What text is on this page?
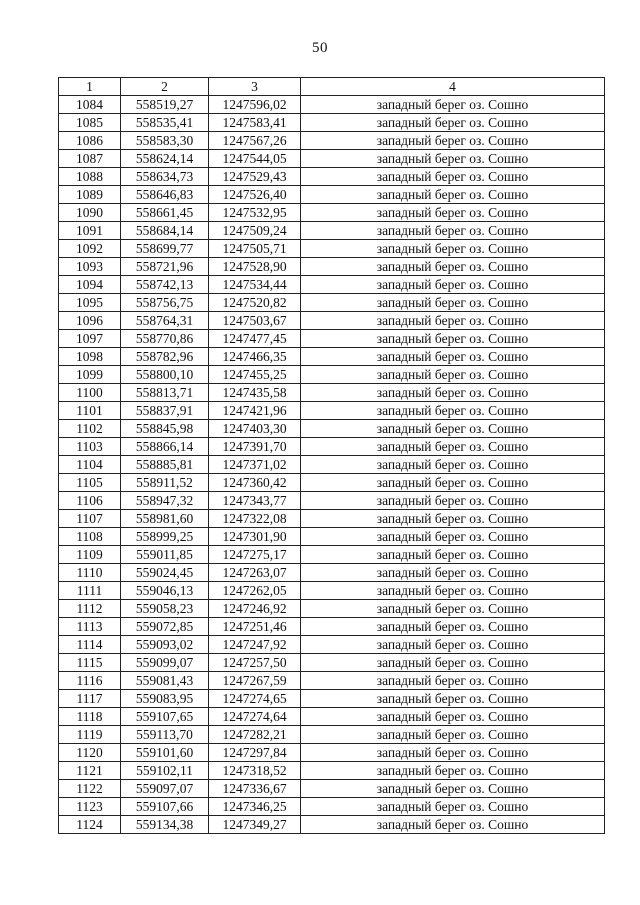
50
1	2	3	4
1084	558519,27	1247596,02	западный берег оз. Сошно
1085	558535,41	1247583,41	западный берег оз. Сошно
1086	558583,30	1247567,26	западный берег оз. Сошно
1087	558624,14	1247544,05	западный берег оз. Сошно
1088	558634,73	1247529,43	западный берег оз. Сошно
1089	558646,83	1247526,40	западный берег оз. Сошно
1090	558661,45	1247532,95	западный берег оз. Сошно
1091	558684,14	1247509,24	западный берег оз. Сошно
1092	558699,77	1247505,71	западный берег оз. Сошно
1093	558721,96	1247528,90	западный берег оз. Сошно
1094	558742,13	1247534,44	западный берег оз. Сошно
1095	558756,75	1247520,82	западный берег оз. Сошно
1096	558764,31	1247503,67	западный берег оз. Сошно
1097	558770,86	1247477,45	западный берег оз. Сошно
1098	558782,96	1247466,35	западный берег оз. Сошно
1099	558800,10	1247455,25	западный берег оз. Сошно
1100	558813,71	1247435,58	западный берег оз. Сошно
1101	558837,91	1247421,96	западный берег оз. Сошно
1102	558845,98	1247403,30	западный берег оз. Сошно
1103	558866,14	1247391,70	западный берег оз. Сошно
1104	558885,81	1247371,02	западный берег оз. Сошно
1105	558911,52	1247360,42	западный берег оз. Сошно
1106	558947,32	1247343,77	западный берег оз. Сошно
1107	558981,60	1247322,08	западный берег оз. Сошно
1108	558999,25	1247301,90	западный берег оз. Сошно
1109	559011,85	1247275,17	западный берег оз. Сошно
1110	559024,45	1247263,07	западный берег оз. Сошно
1111	559046,13	1247262,05	западный берег оз. Сошно
1112	559058,23	1247246,92	западный берег оз. Сошно
1113	559072,85	1247251,46	западный берег оз. Сошно
1114	559093,02	1247247,92	западный берег оз. Сошно
1115	559099,07	1247257,50	западный берег оз. Сошно
1116	559081,43	1247267,59	западный берег оз. Сошно
1117	559083,95	1247274,65	западный берег оз. Сошно
1118	559107,65	1247274,64	западный берег оз. Сошно
1119	559113,70	1247282,21	западный берег оз. Сошно
1120	559101,60	1247297,84	западный берег оз. Сошно
1121	559102,11	1247318,52	западный берег оз. Сошно
1122	559097,07	1247336,67	западный берег оз. Сошно
1123	559107,66	1247346,25	западный берег оз. Сошно
1124	559134,38	1247349,27	западный берег оз. Сошно
